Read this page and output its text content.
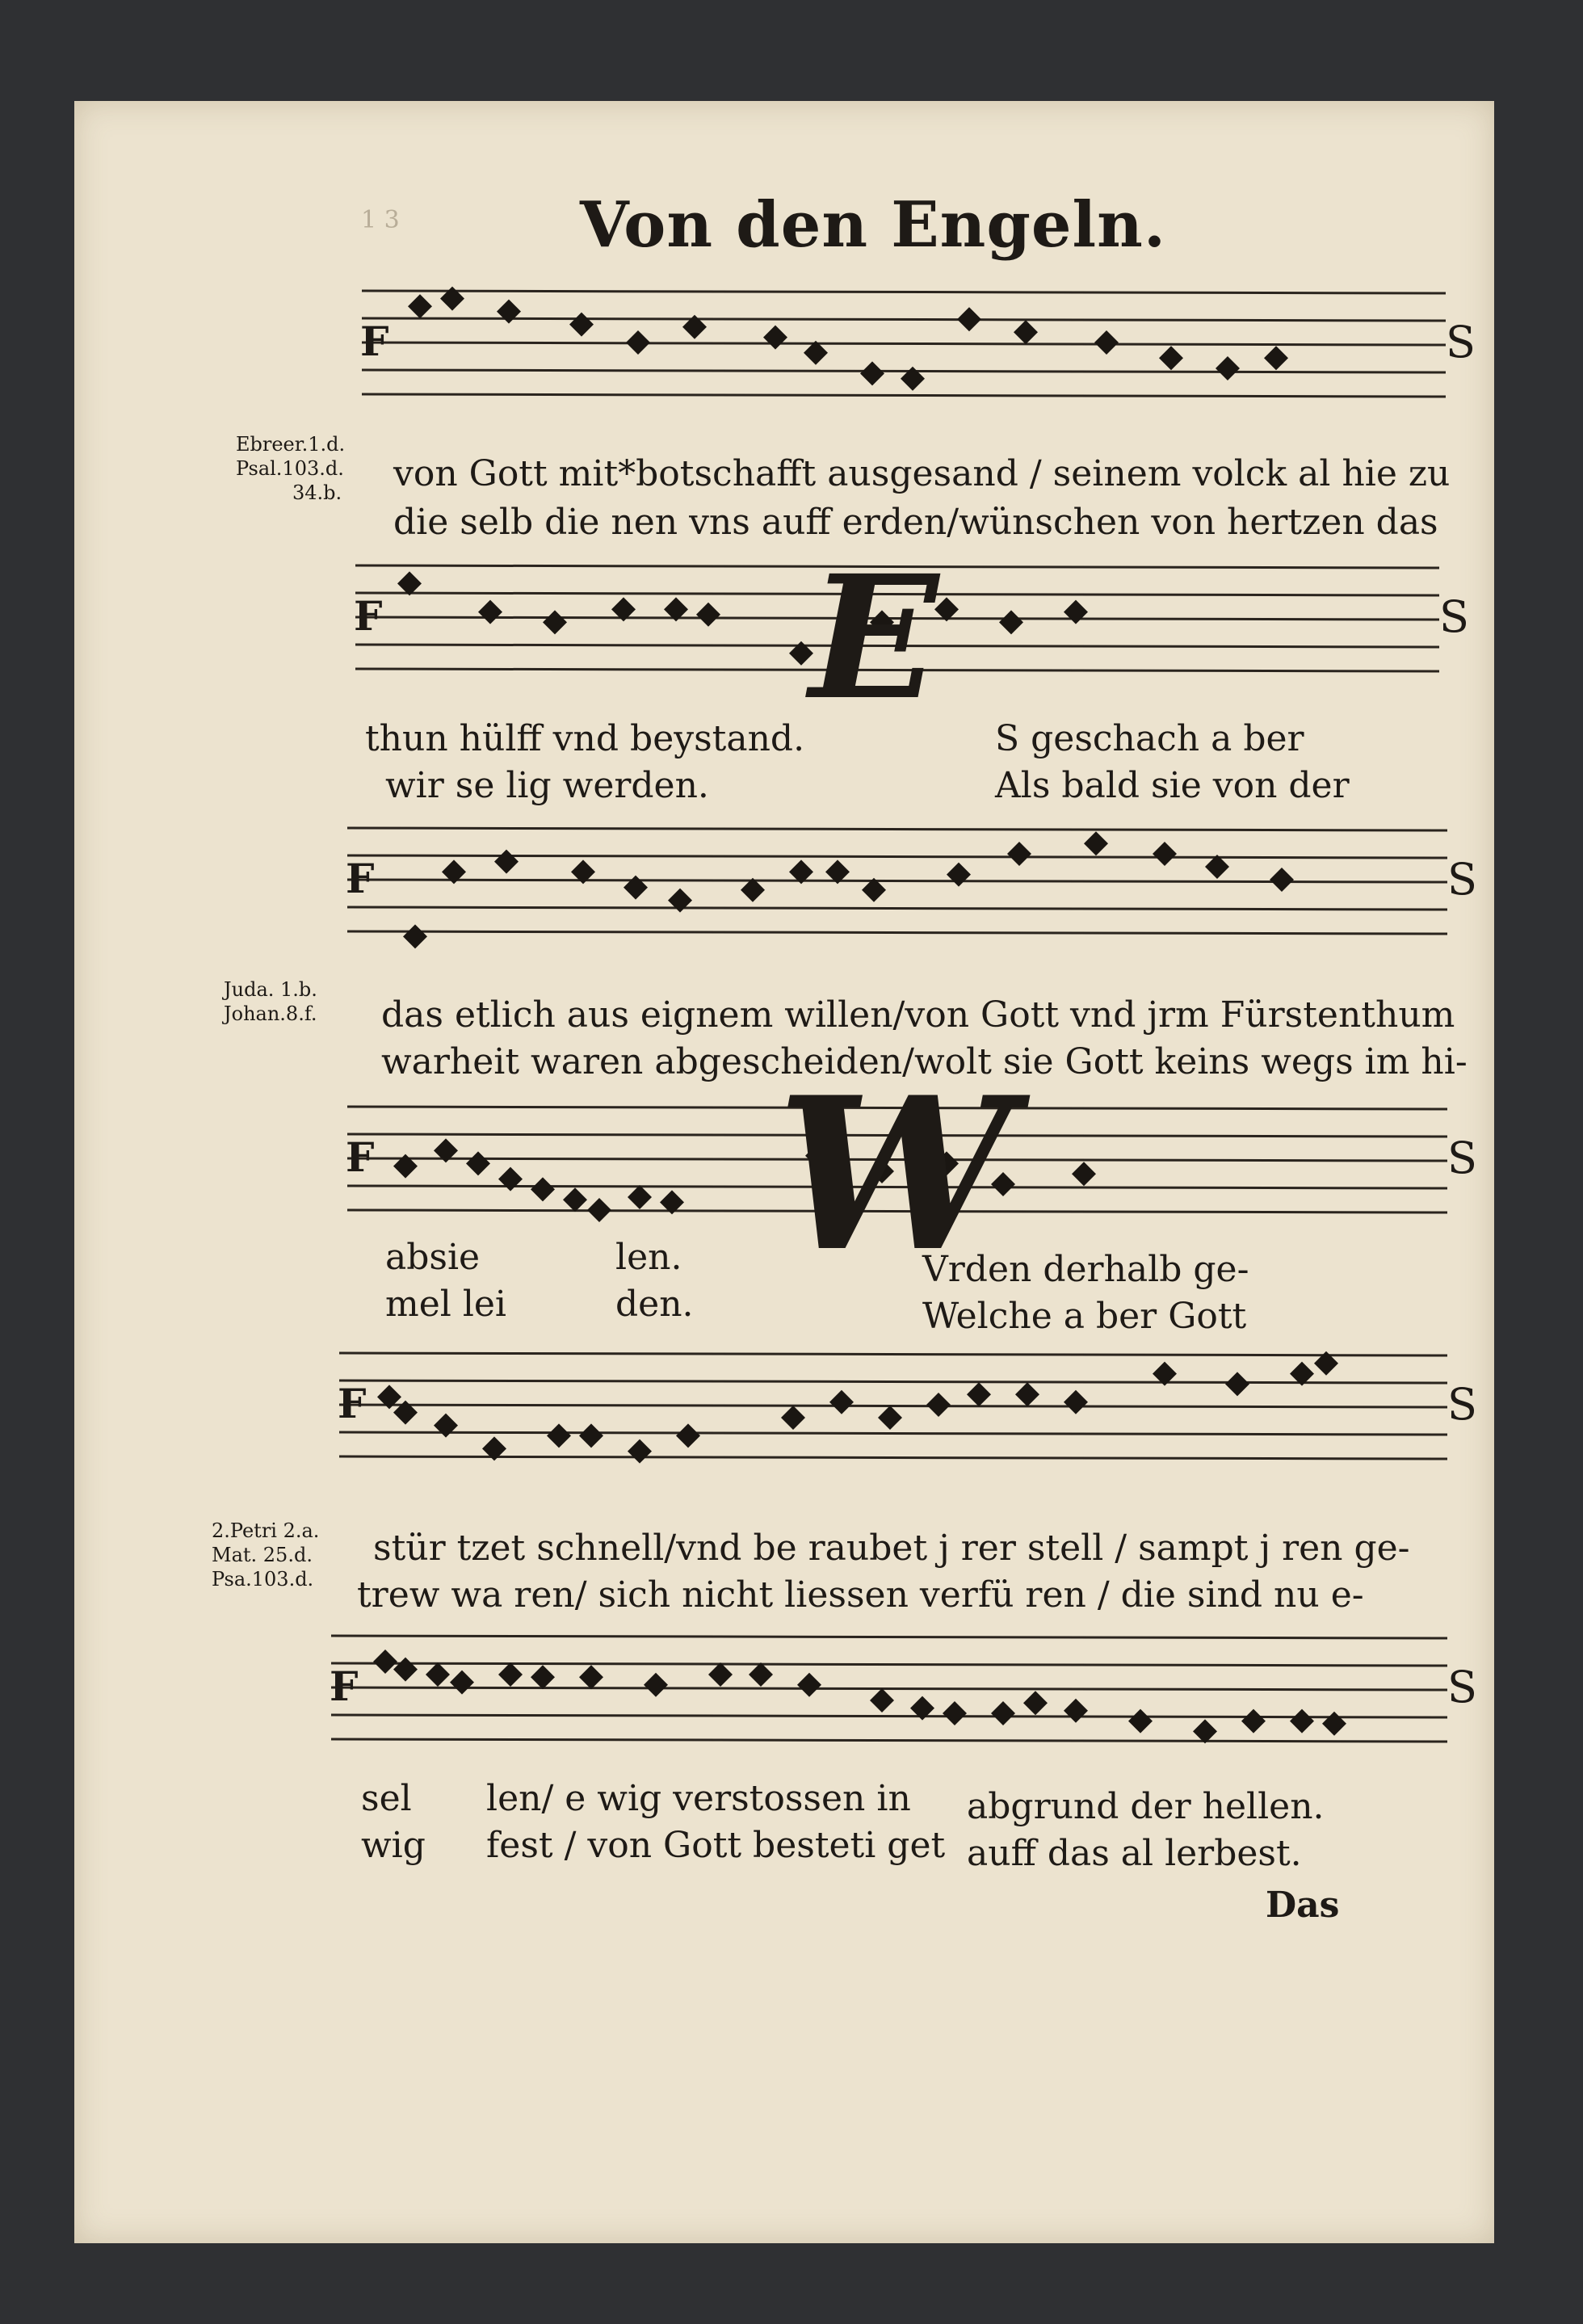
1 3	Von den Engeln.
F	S
Ebreer.1.d.
Psal.103.d.
34.b. von Gott mit*botschafft ausgesand / seinem volck al hie zu
die selb die nen vns auff erden/wünschen von hertzen das
F	S
E
thun hülff vnd beystand.
wir se lig werden.
S geschach a ber
Als bald sie von der
F	S
Juda. 1.b.
Johan.8.f. das etlich aus eignem willen/von Gott vnd jrm Fürstenthum
warheit waren abgescheiden/wolt sie Gott keins wegs im hi-
F	S
W
absie	len.
mel lei	den.
Vrden derhalb ge-
Welche a ber Gott
F	S
2.Petri 2.a.
Mat. 25.d.
Psa.103.d.
stür tzet schnell/vnd be raubet j rer stell / sampt j ren ge-
trew wa ren/ sich nicht liessen verfü ren / die sind nu e-
F	S
sel len/ e wig verstossen in abgrund der hellen.
wig fest / von Gott besteti get auff das al lerbest.
Das
